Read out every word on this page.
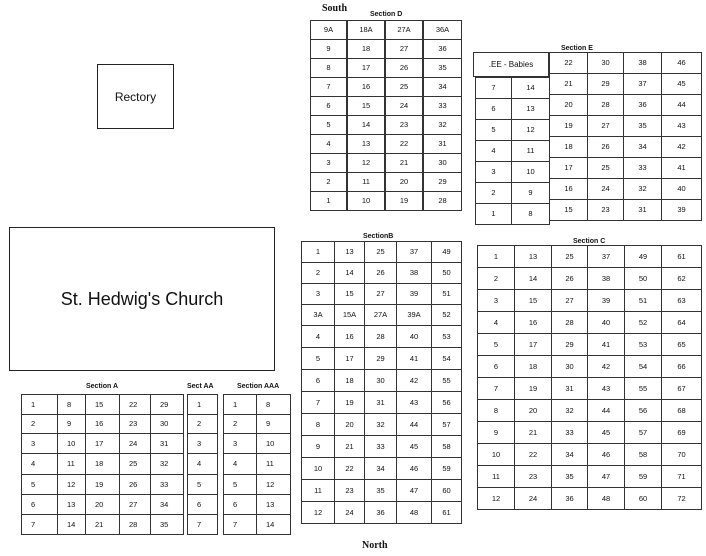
Rectory
St. Hedwig's Church
South
North
.EE - Babies
Section D
Section E
SectionB
Section C
Section A	Sect AA	Section AAA
9A
9
8
7
6
5
4
3
2
1
18A
18
17
16
15
14
13
12
11
10
27A
27
26
25
24
23
22
21
20
19
36A
36
35
34
33
32
31
30
29
28
7
6
5
4
3
2
1
14
13
12
11
10
9
8
22
21
20
19
18
17
16
15
30
29
28
27
26
25
24
23
38
37
36
35
34
33
32
31
46
45
44
43
42
41
40
39
1
2
3
3A
4
5
6
7
8
9
10
11
12
13
14
15
15A
16
17
18
19
20
21
22
23
24
25
26
27
27A
28
29
30
31
32
33
34
35
36
37
38
39
39A
40
41
42
43
44
45
46
47
48
49
50
51
52
53
54
55
56
57
58
59
60
61
1
2
3
4
5
6
7
8
9
10
11
12
13
14
15
16
17
18
19
20
21
22
23
24
25
26
27
28
29
30
31
32
33
34
35
36
37
38
39
40
41
42
43
44
45
46
47
48
49
50
51
52
53
54
55
56
57
58
59
60
61
62
63
64
65
66
67
68
69
70
71
72
1
2
3
4
5
6
7
8
9
10
11
12
13
14
15
16
17
18
19
20
21
22
23
24
25
26
27
28
29
30
31
32
33
34
35
1
2
3
4
5
6
7
1
2
3
4
5
6
7
8
9
10
11
12
13
14
